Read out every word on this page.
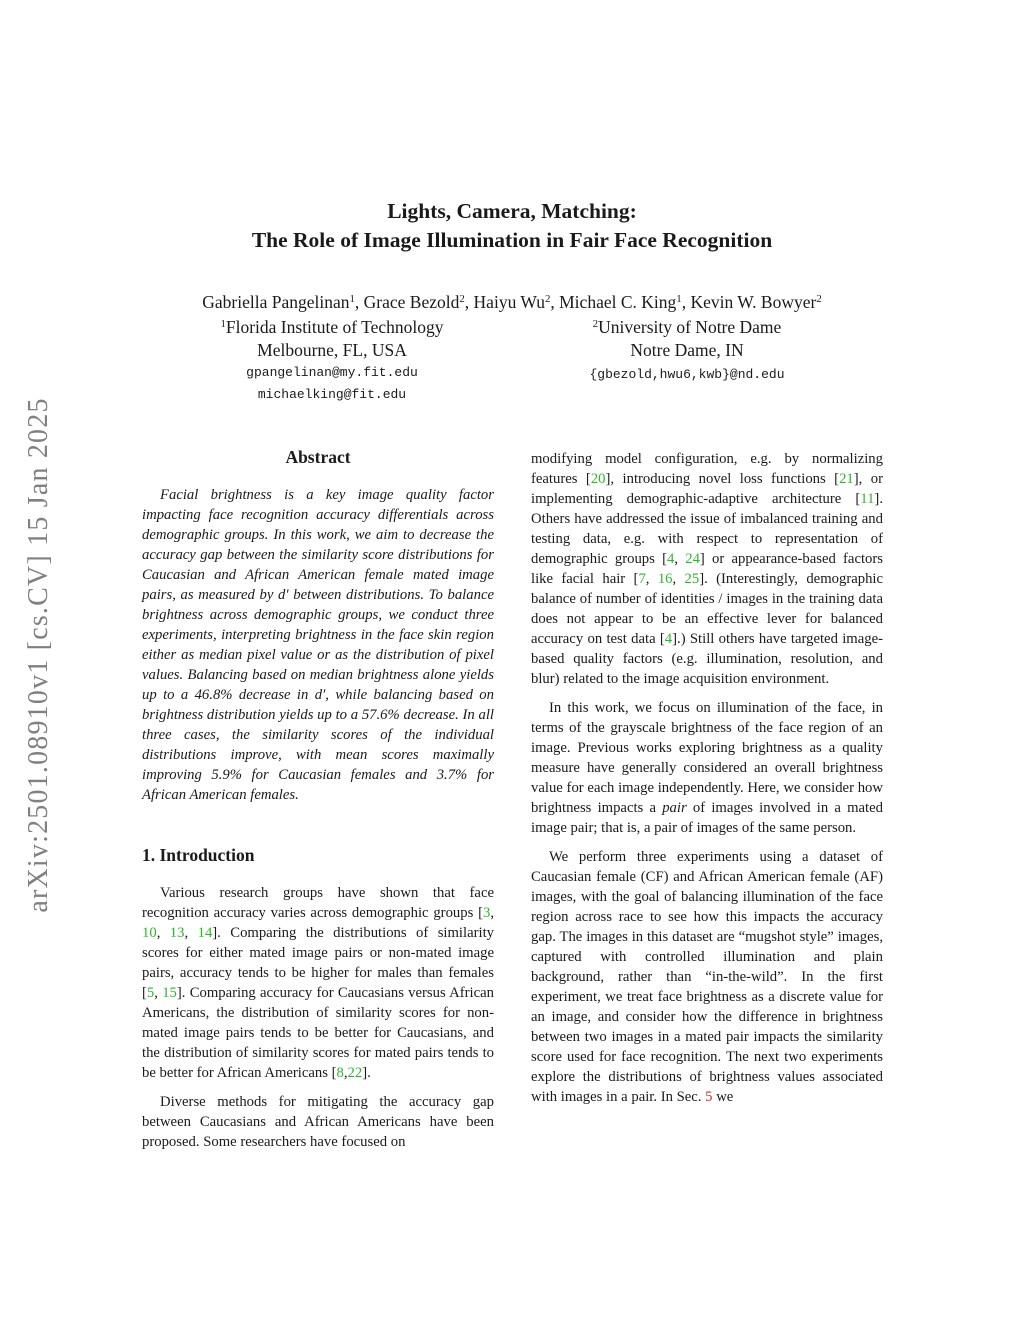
arXiv:2501.08910v1 [cs.CV] 15 Jan 2025
Lights, Camera, Matching:
The Role of Image Illumination in Fair Face Recognition
Gabriella Pangelinan$^1$, Grace Bezold$^2$, Haiyu Wu$^2$, Michael C. King$^1$, Kevin W. Bowyer$^2$
$^1$Florida Institute of Technology
Melbourne, FL, USA
gpangelinan@my.fit.edu
michaelking@fit.edu
$^2$University of Notre Dame
Notre Dame, IN
{gbezold,hwu6,kwb}@nd.edu
Abstract

Facial brightness is a key image quality factor impacting face recognition accuracy differentials across demographic groups. In this work, we aim to decrease the accuracy gap between the similarity score distributions for Caucasian and African American female mated image pairs, as measured by d′ between distributions. To balance brightness across demographic groups, we conduct three experiments, interpreting brightness in the face skin region either as median pixel value or as the distribution of pixel values. Balancing based on median brightness alone yields up to a 46.8% decrease in d′, while balancing based on brightness distribution yields up to a 57.6% decrease. In all three cases, the similarity scores of the individual distributions improve, with mean scores maximally improving 5.9% for Caucasian females and 3.7% for African American females.

1. Introduction

Various research groups have shown that face recognition accuracy varies across demographic groups [3, 10, 13, 14]. Comparing the distributions of similarity scores for either mated image pairs or non-mated image pairs, accuracy tends to be higher for males than females [5, 15]. Comparing accuracy for Caucasians versus African Americans, the distribution of similarity scores for non-mated image pairs tends to be better for Caucasians, and the distribution of similarity scores for mated pairs tends to be better for African Americans [8,22].

Diverse methods for mitigating the accuracy gap between Caucasians and African Americans have been proposed. Some researchers have focused on

modifying model configuration, e.g. by normalizing features [20], introducing novel loss functions [21], or implementing demographic-adaptive architecture [11]. Others have addressed the issue of imbalanced training and testing data, e.g. with respect to representation of demographic groups [4, 24] or appearance-based factors like facial hair [7, 16, 25]. (Interestingly, demographic balance of number of identities / images in the training data does not appear to be an effective lever for balanced accuracy on test data [4].) Still others have targeted image-based quality factors (e.g. illumination, resolution, and blur) related to the image acquisition environment.

In this work, we focus on illumination of the face, in terms of the grayscale brightness of the face region of an image. Previous works exploring brightness as a quality measure have generally considered an overall brightness value for each image independently. Here, we consider how brightness impacts a pair of images involved in a mated image pair; that is, a pair of images of the same person.

We perform three experiments using a dataset of Caucasian female (CF) and African American female (AF) images, with the goal of balancing illumination of the face region across race to see how this impacts the accuracy gap. The images in this dataset are “mugshot style” images, captured with controlled illumination and plain background, rather than “in-the-wild”. In the first experiment, we treat face brightness as a discrete value for an image, and consider how the difference in brightness between two images in a mated pair impacts the similarity score used for face recognition. The next two experiments explore the distributions of brightness values associated with images in a pair. In Sec. 5 we
